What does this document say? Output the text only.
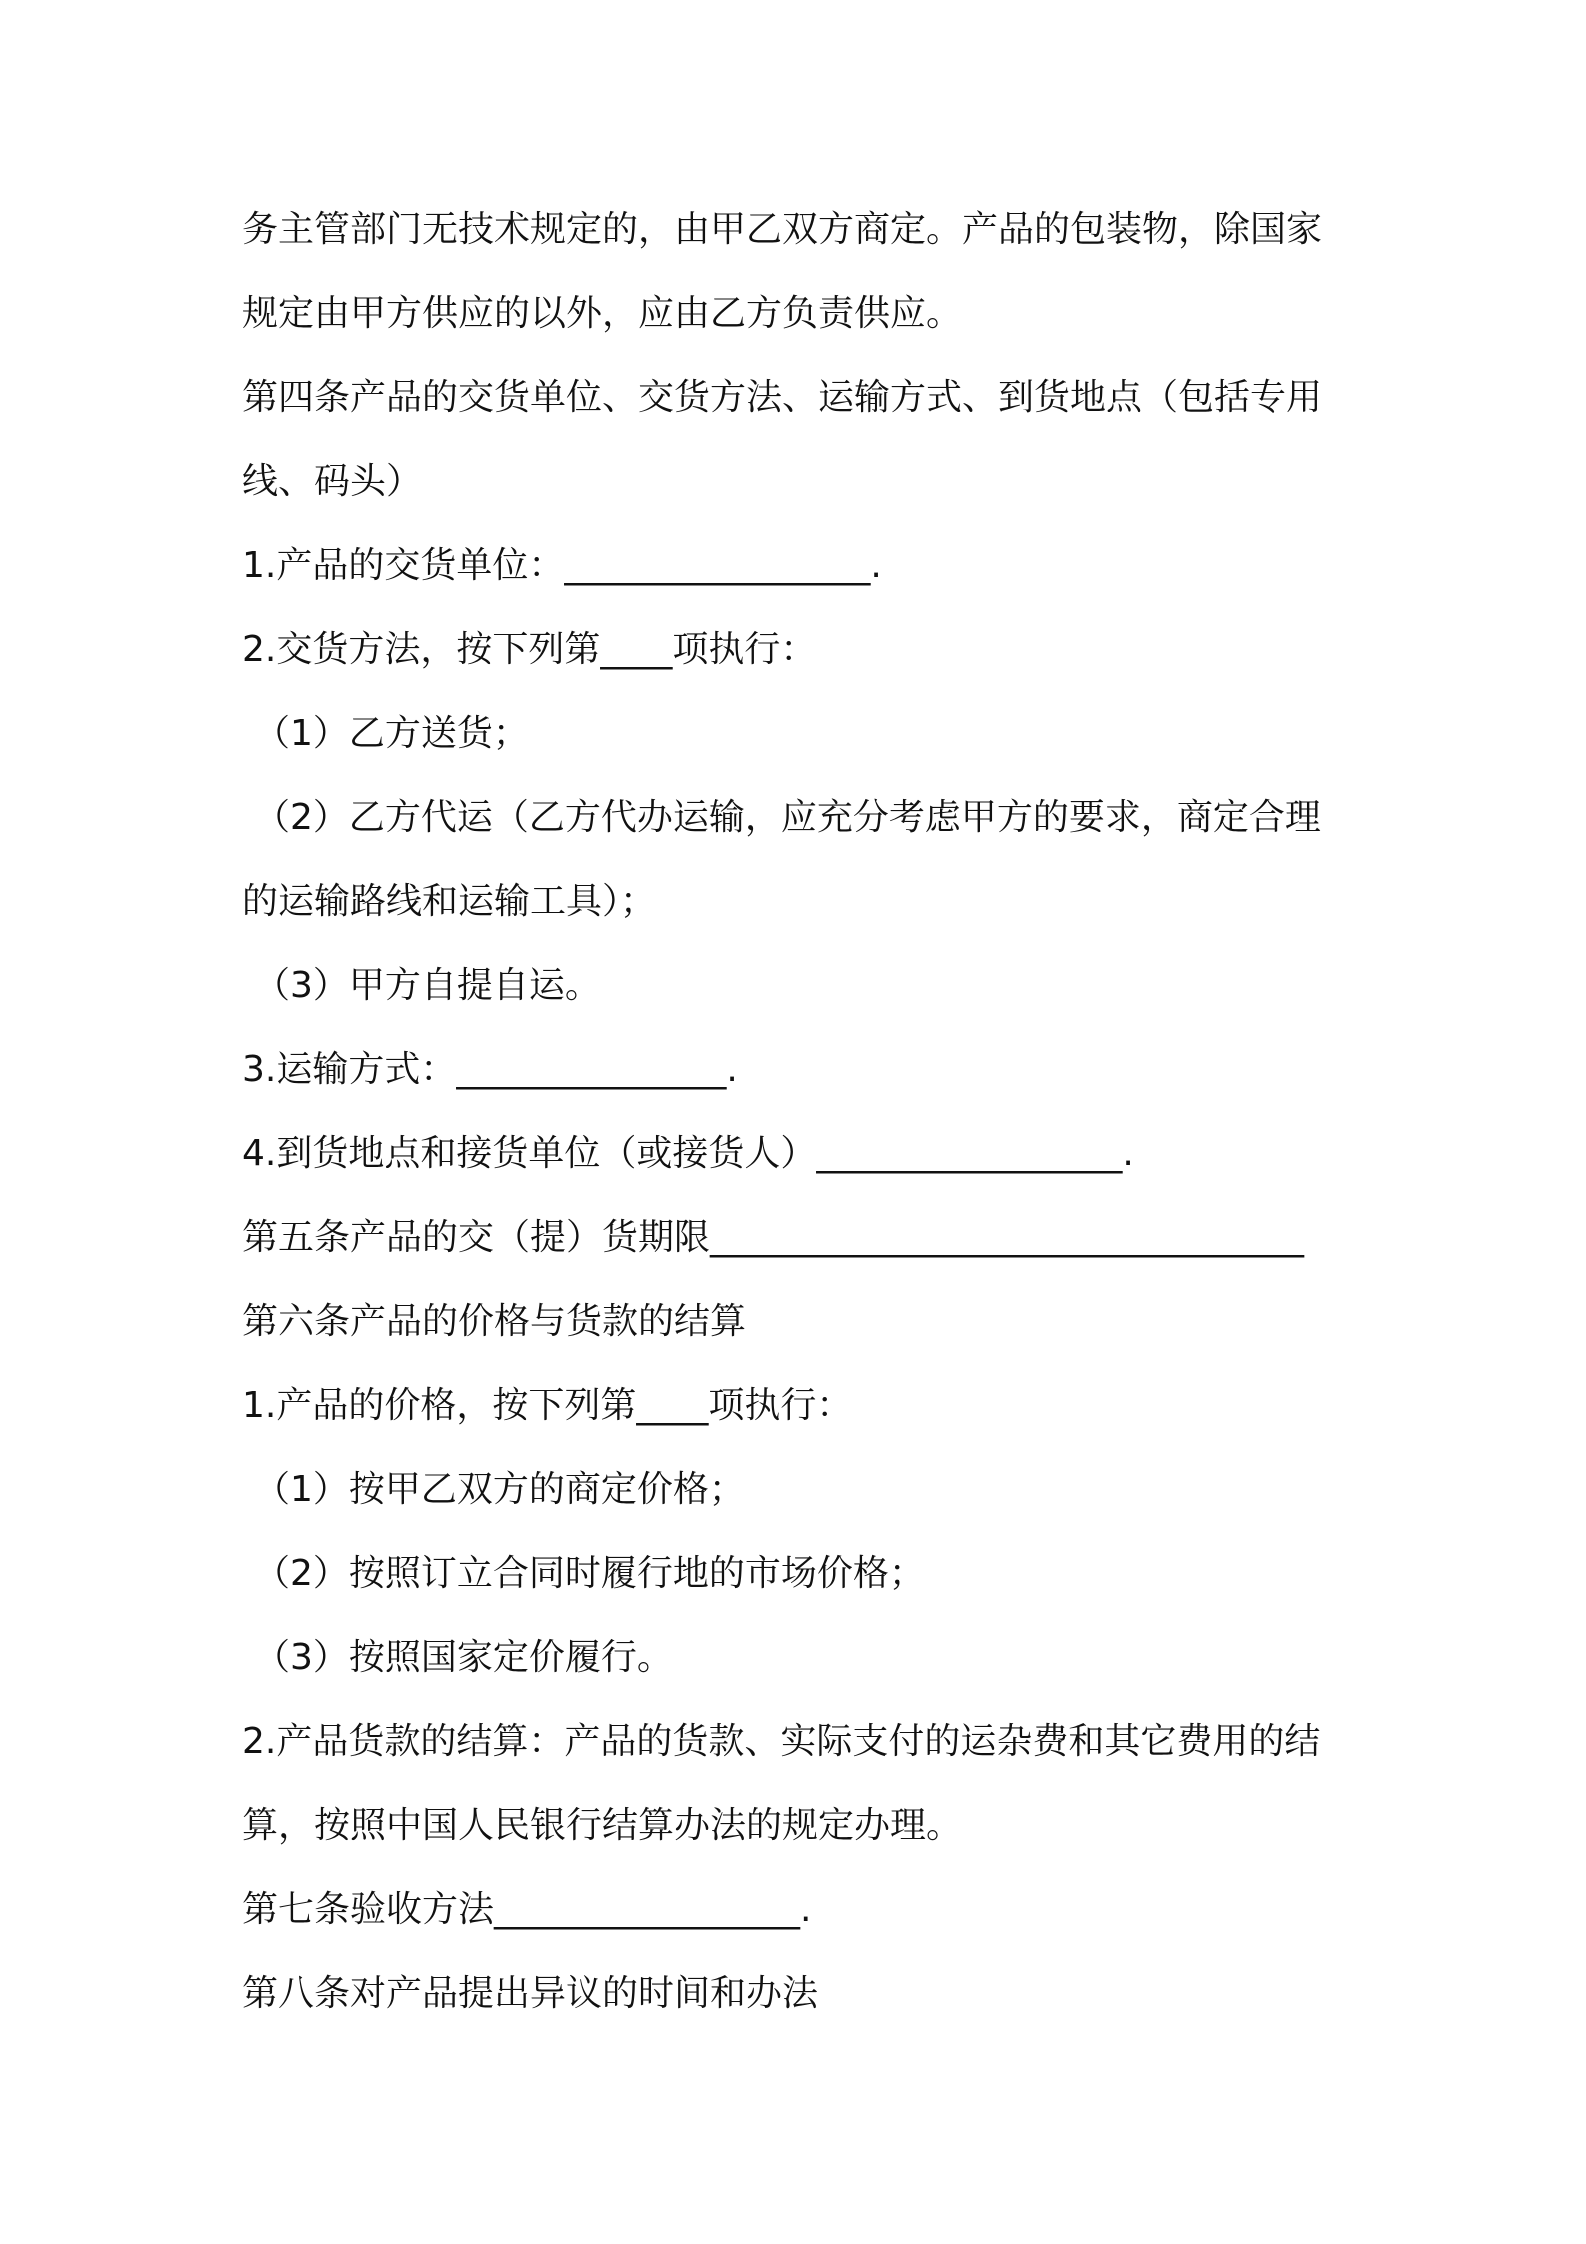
务主管部门无技术规定的，由甲乙双方商定。产品的包装物，除国家
规定由甲方供应的以外，应由乙方负责供应。
第四条产品的交货单位、交货方法、运输方式、到货地点（包括专用
线、码头）
1.产品的交货单位：_________________.
2.交货方法，按下列第____项执行：
（1）乙方送货；
（2）乙方代运（乙方代办运输，应充分考虑甲方的要求，商定合理
的运输路线和运输工具）；
（3）甲方自提自运。
3.运输方式：_______________.
4.到货地点和接货单位（或接货人）_________________.
第五条产品的交（提）货期限_________________________________
第六条产品的价格与货款的结算
1.产品的价格，按下列第____项执行：
（1）按甲乙双方的商定价格；
（2）按照订立合同时履行地的市场价格；
（3）按照国家定价履行。
2.产品货款的结算：产品的货款、实际支付的运杂费和其它费用的结
算，按照中国人民银行结算办法的规定办理。
第七条验收方法_________________.
第八条对产品提出异议的时间和办法
